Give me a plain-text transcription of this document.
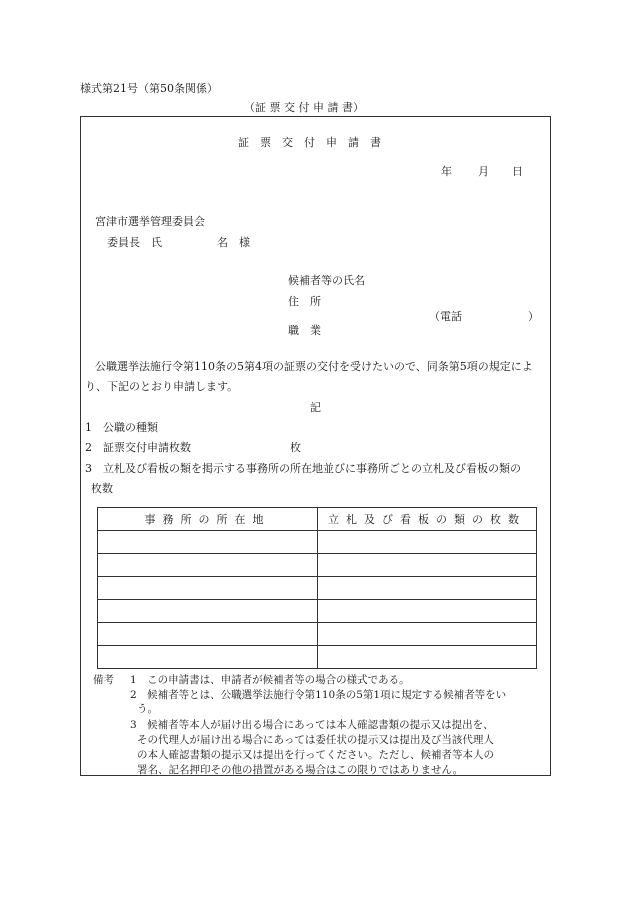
様式第21号（第50条関係）
（証 票 交 付 申 請 書）
証　票　交　付　申　請　書
年 月 日
宮津市選挙管理委員会
委員長　氏　　　　　名　様
候補者等の氏名
住　所
（電話　　　　　　）
職　業
公職選挙法施行令第110条の5第4項の証票の交付を受けたいので、同条第5項の規定によ
り、下記のとおり申請します。
記
1　公職の種類
2　証票交付申請枚数	枚
3　立札及び看板の類を掲示する事務所の所在地並びに事務所ごとの立札及び看板の類の
枚数
事務所の所在地	立札及び看板の類の枚数

備考 1　この申請書は、申請者が候補者等の場合の様式である。
2　候補者等とは、公職選挙法施行令第110条の5第1項に規定する候補者等をい
う。
3　候補者等本人が届け出る場合にあっては本人確認書類の提示又は提出を、
その代理人が届け出る場合にあっては委任状の提示又は提出及び当該代理人
の本人確認書類の提示又は提出を行ってください。ただし、候補者等本人の
署名、記名押印その他の措置がある場合はこの限りではありません。
